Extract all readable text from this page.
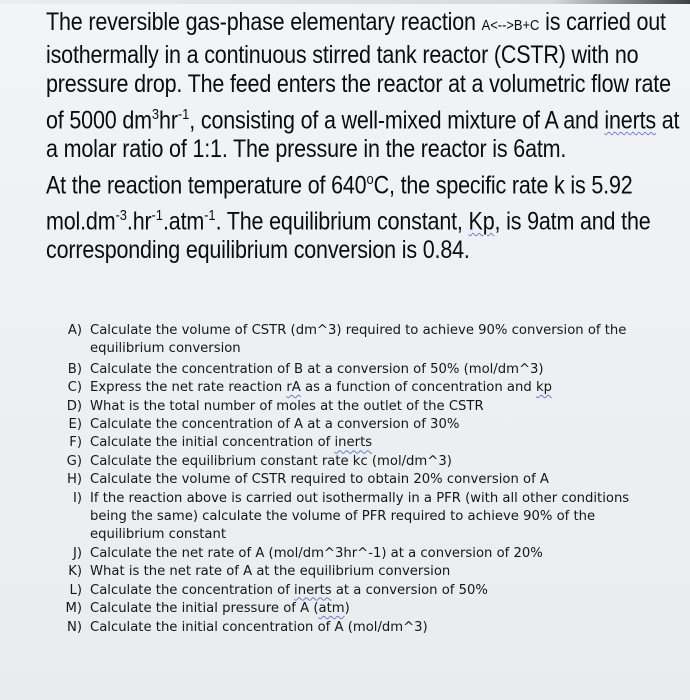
The reversible gas-phase elementary reaction A<-->B+C is carried out isothermally in a continuous stirred tank reactor (CSTR) with no pressure drop. The feed enters the reactor at a volumetric flow rate of 5000 $dm^3hr^{-1}$, consisting of a well-mixed mixture of A and inerts at a molar ratio of 1:1. The pressure in the reactor is 6atm.

At the reaction temperature of 640$^o$C, the specific rate k is 5.92 $mol.dm^{-3}.hr^{-1}.atm^{-1}$. The equilibrium constant, Kp, is 9atm and the corresponding equilibrium conversion is 0.84.

A) Calculate the volume of CSTR (dm^3) required to achieve 90% conversion of the equilibrium conversion
B) Calculate the concentration of B at a conversion of 50% (mol/dm^3)
C) Express the net rate reaction rA as a function of concentration and kp
D) What is the total number of moles at the outlet of the CSTR
E) Calculate the concentration of A at a conversion of 30%
F) Calculate the initial concentration of inerts
G) Calculate the equilibrium constant rate kc (mol/dm^3)
H) Calculate the volume of CSTR required to obtain 20% conversion of A
I) If the reaction above is carried out isothermally in a PFR (with all other conditions being the same) calculate the volume of PFR required to achieve 90% of the equilibrium constant
J) Calculate the net rate of A (mol/dm^3hr^-1) at a conversion of 20%
K) What is the net rate of A at the equilibrium conversion
L) Calculate the concentration of inerts at a conversion of 50%
M) Calculate the initial pressure of A (atm)
N) Calculate the initial concentration of A (mol/dm^3)
